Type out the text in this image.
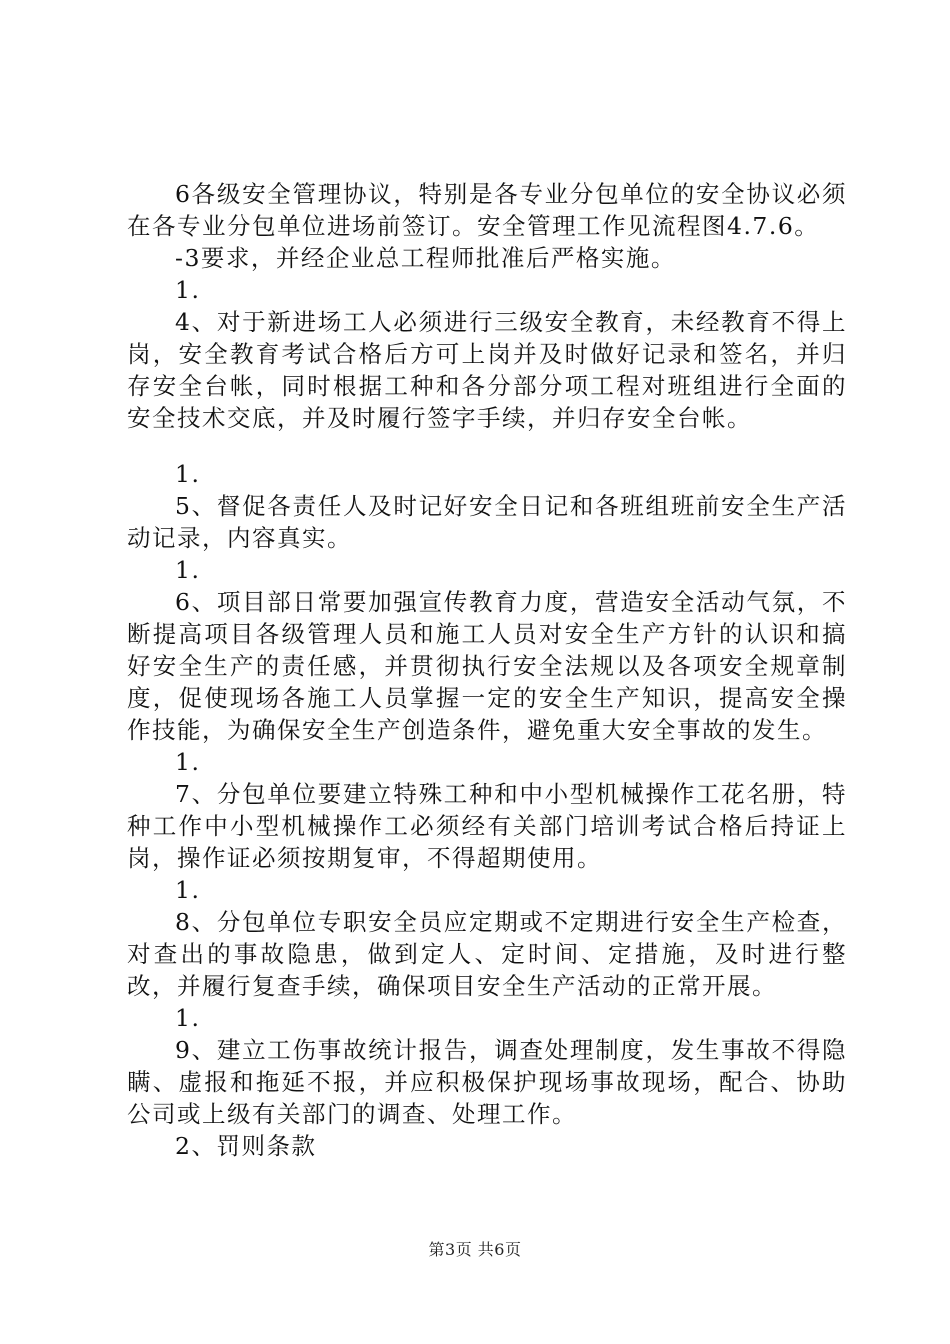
6各级安全管理协议，特别是各专业分包单位的安全协议必须在各专业分包单位进场前签订。安全管理工作见流程图4.7.6。

-3要求，并经企业总工程师批准后严格实施。

1.

4、对于新进场工人必须进行三级安全教育，未经教育不得上岗，安全教育考试合格后方可上岗并及时做好记录和签名，并归存安全台帐，同时根据工种和各分部分项工程对班组进行全面的安全技术交底，并及时履行签字手续，并归存安全台帐。

1.

5、督促各责任人及时记好安全日记和各班组班前安全生产活动记录，内容真实。

1.

6、项目部日常要加强宣传教育力度，营造安全活动气氛，不断提高项目各级管理人员和施工人员对安全生产方针的认识和搞好安全生产的责任感，并贯彻执行安全法规以及各项安全规章制度，促使现场各施工人员掌握一定的安全生产知识，提高安全操作技能，为确保安全生产创造条件，避免重大安全事故的发生。

1.

7、分包单位要建立特殊工种和中小型机械操作工花名册，特种工作中小型机械操作工必须经有关部门培训考试合格后持证上岗，操作证必须按期复审，不得超期使用。

1.

8、分包单位专职安全员应定期或不定期进行安全生产检查，对查出的事故隐患，做到定人、定时间、定措施，及时进行整改，并履行复查手续，确保项目安全生产活动的正常开展。

1.

9、建立工伤事故统计报告，调查处理制度，发生事故不得隐瞒、虚报和拖延不报，并应积极保护现场事故现场，配合、协助公司或上级有关部门的调查、处理工作。

2、罚则条款

第3页 共6页
